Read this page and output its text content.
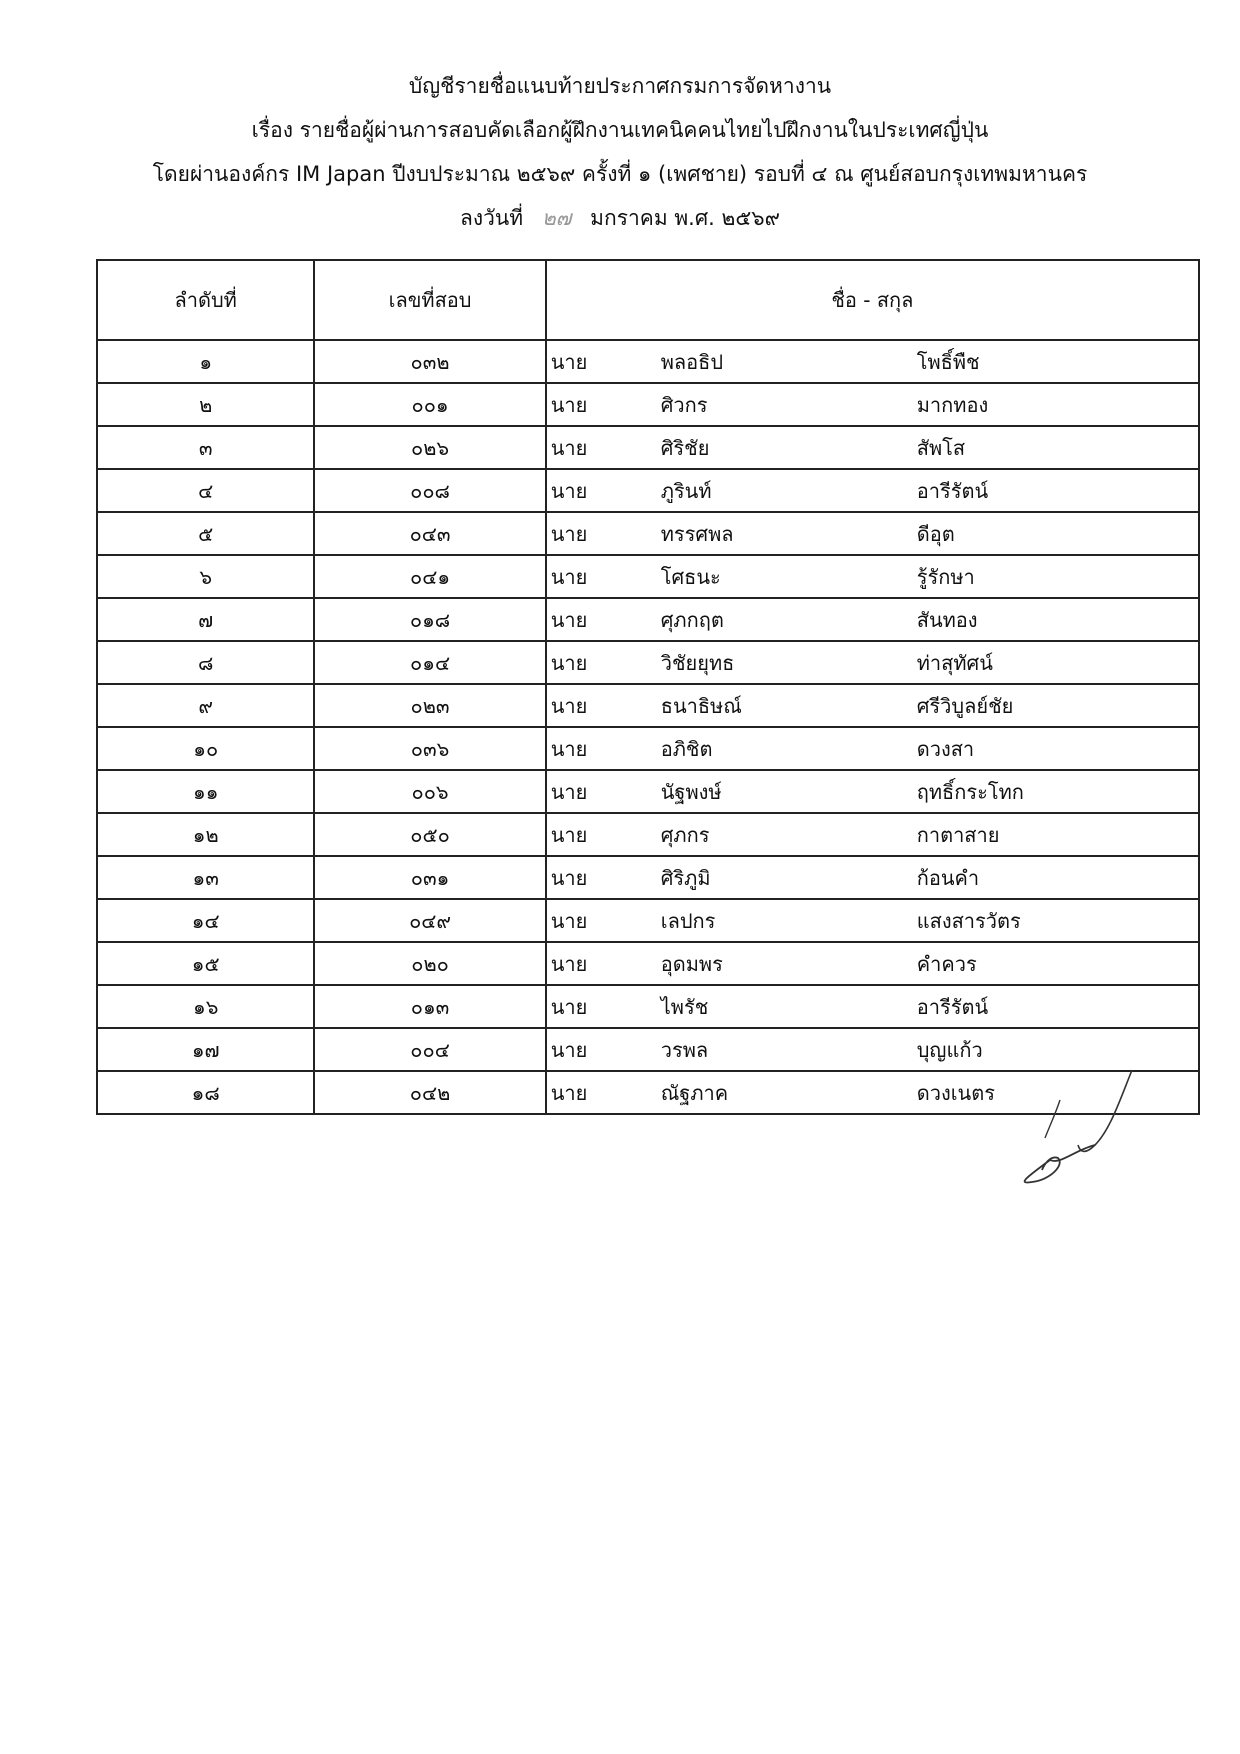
บัญชีรายชื่อแนบท้ายประกาศกรมการจัดหางาน
เรื่อง รายชื่อผู้ผ่านการสอบคัดเลือกผู้ฝึกงานเทคนิคคนไทยไปฝึกงานในประเทศญี่ปุ่น
โดยผ่านองค์กร IM Japan ปีงบประมาณ ๒๕๖๙ ครั้งที่ ๑ (เพศชาย) รอบที่ ๔ ณ ศูนย์สอบกรุงเทพมหานคร
ลงวันที่ ๒๗ มกราคม พ.ศ. ๒๕๖๙
ลำดับที่	เลขที่สอบ	ชื่อ - สกุล
๑	๐๓๒	นาย พลอธิป โพธิ์พืช

๒	๐๐๑	นาย ศิวกร มากทอง

๓	๐๒๖	นาย ศิริชัย สัพโส

๔	๐๐๘	นาย ภูรินท์ อารีรัตน์

๕	๐๔๓	นาย ทรรศพล ดีอุต

๖	๐๔๑	นาย โศธนะ รู้รักษา

๗	๐๑๘	นาย ศุภกฤต สันทอง

๘	๐๑๔	นาย วิชัยยุทธ ท่าสุทัศน์

๙	๐๒๓	นาย ธนาธิษณ์ ศรีวิบูลย์ชัย

๑๐	๐๓๖	นาย อภิชิต ดวงสา

๑๑	๐๐๖	นาย นัฐพงษ์ ฤทธิ์กระโทก

๑๒	๐๕๐	นาย ศุภกร กาตาสาย

๑๓	๐๓๑	นาย ศิริภูมิ ก้อนคำ

๑๔	๐๔๙	นาย เลปกร แสงสารวัตร

๑๕	๐๒๐	นาย อุดมพร คำควร

๑๖	๐๑๓	นาย ไพรัช อารีรัตน์

๑๗	๐๐๔	นาย วรพล บุญแก้ว

๑๘	๐๔๒	นาย ณัฐภาค ดวงเนตร
